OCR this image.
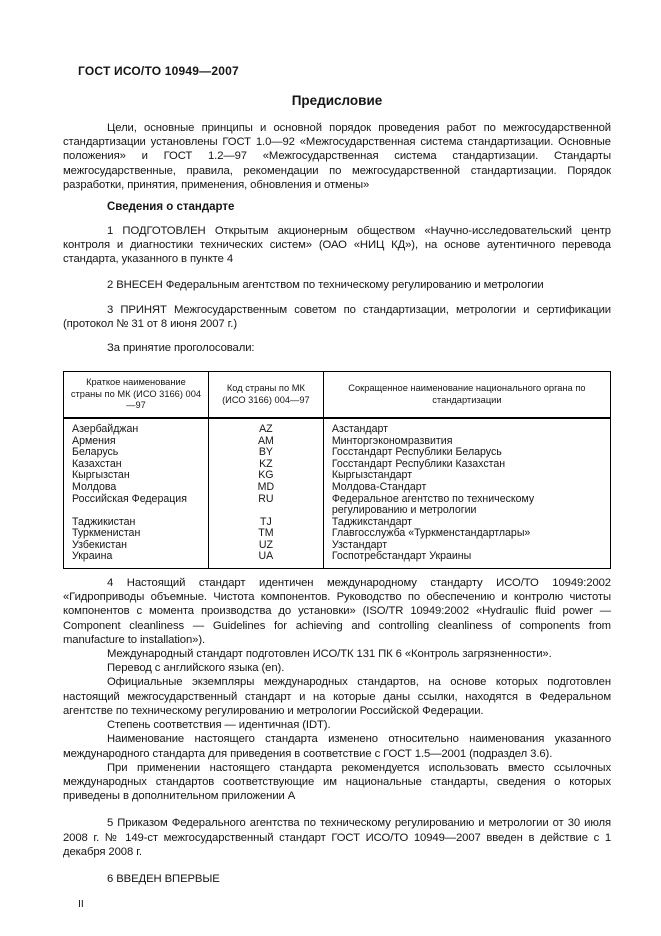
ГОСТ ИСО/ТО 10949—2007
Предисловие

Цели, основные принципы и основной порядок проведения работ по межгосударственной стандартизации установлены ГОСТ 1.0—92 «Межгосударственная система стандартизации. Основные положения» и ГОСТ 1.2—97 «Межгосударственная система стандартизации. Стандарты межгосударственные, правила, рекомендации по межгосударственной стандартизации. Порядок разработки, принятия, применения, обновления и отмены»

Сведения о стандарте

1 ПОДГОТОВЛЕН Открытым акционерным обществом «Научно-исследовательский центр контроля и диагностики технических систем» (ОАО «НИЦ КД»), на основе аутентичного перевода стандарта, указанного в пункте 4

2 ВНЕСЕН Федеральным агентством по техническому регулированию и метрологии

3 ПРИНЯТ Межгосударственным советом по стандартизации, метрологии и сертификации (протокол № 31 от 8 июня 2007 г.)

За принятие проголосовали:

Краткое наименование страны по МК (ИСО 3166) 004—97	Код страны по МК (ИСО 3166) 004—97	Сокращенное наименование национального органа по стандартизации
Азербайджан	AZ	Азстандарт
Армения	AM	Минторгэкономразвития
Беларусь	BY	Госстандарт Республики Беларусь
Казахстан	KZ	Госстандарт Республики Казахстан
Кыргызстан	KG	Кыргызстандарт
Молдова	MD	Молдова-Стандарт
Российская Федерация	RU	Федеральное агентство по техническому регулированию и метрологии
Таджикистан	TJ	Таджикстандарт
Туркменистан	TM	Главгосслужба «Туркменстандартлары»
Узбекистан	UZ	Узстандарт
Украина	UA	Госпотребстандарт Украины

4 Настоящий стандарт идентичен международному стандарту ИСО/ТО 10949:2002 «Гидроприводы объемные. Чистота компонентов. Руководство по обеспечению и контролю чистоты компонентов с момента производства до установки» (ISO/TR 10949:2002 «Hydraulic fluid power — Component cleanliness — Guidelines for achieving and controlling cleanliness of components from manufacture to installation»).

Международный стандарт подготовлен ИСО/ТК 131 ПК 6 «Контроль загрязненности».

Перевод с английского языка (en).

Официальные экземпляры международных стандартов, на основе которых подготовлен настоящий межгосударственный стандарт и на которые даны ссылки, находятся в Федеральном агентстве по техническому регулированию и метрологии Российской Федерации.

Степень соответствия — идентичная (IDT).

Наименование настоящего стандарта изменено относительно наименования указанного международного стандарта для приведения в соответствие с ГОСТ 1.5—2001 (подраздел 3.6).

При применении настоящего стандарта рекомендуется использовать вместо ссылочных международных стандартов соответствующие им национальные стандарты, сведения о которых приведены в дополнительном приложении А

5 Приказом Федерального агентства по техническому регулированию и метрологии от 30 июля 2008 г. № 149-ст межгосударственный стандарт ГОСТ ИСО/ТО 10949—2007 введен в действие с 1 декабря 2008 г.

6 ВВЕДЕН ВПЕРВЫЕ

II
